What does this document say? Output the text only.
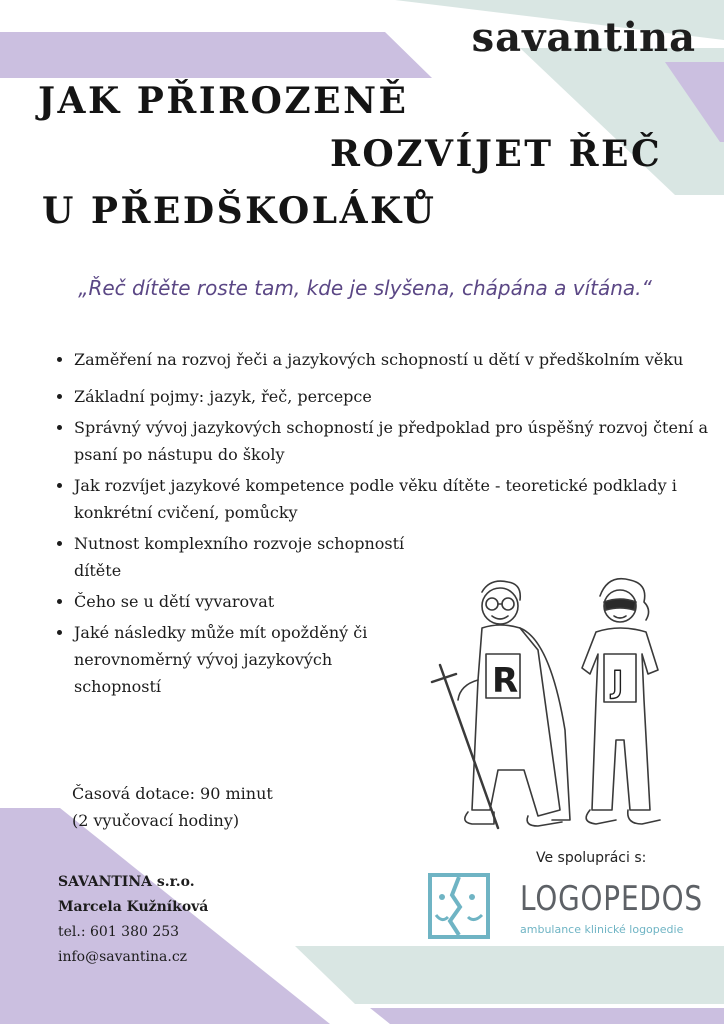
savantina
JAK PŘIROZENĚ
ROZVÍJET ŘEČ
U PŘEDŠKOLÁKŮ
„Řeč dítěte roste tam, kde je slyšena, chápána a vítána.“
• Zaměření na rozvoj řeči a jazykových schopností u dětí v předškolním věku
• Základní pojmy: jazyk, řeč, percepce
• Správný vývoj jazykových schopností je předpoklad pro úspěšný rozvoj čtení a psaní po nástupu do školy
• Jak rozvíjet jazykové kompetence podle věku dítěte - teoretické podklady i konkrétní cvičení, pomůcky
• Nutnost komplexního rozvoje schopností dítěte
• Čeho se u dětí vyvarovat
• Jaké následky může mít opožděný či nerovnoměrný vývoj jazykových schopností
Časová dotace: 90 minut
(2 vyučovací hodiny)
SAVANTINA s.r.o.
Marcela Kužníková
tel.: 601 380 253
info@savantina.cz
Ve spolupráci s:
LOGOPEDOS
ambulance klinické logopedie
R	J
